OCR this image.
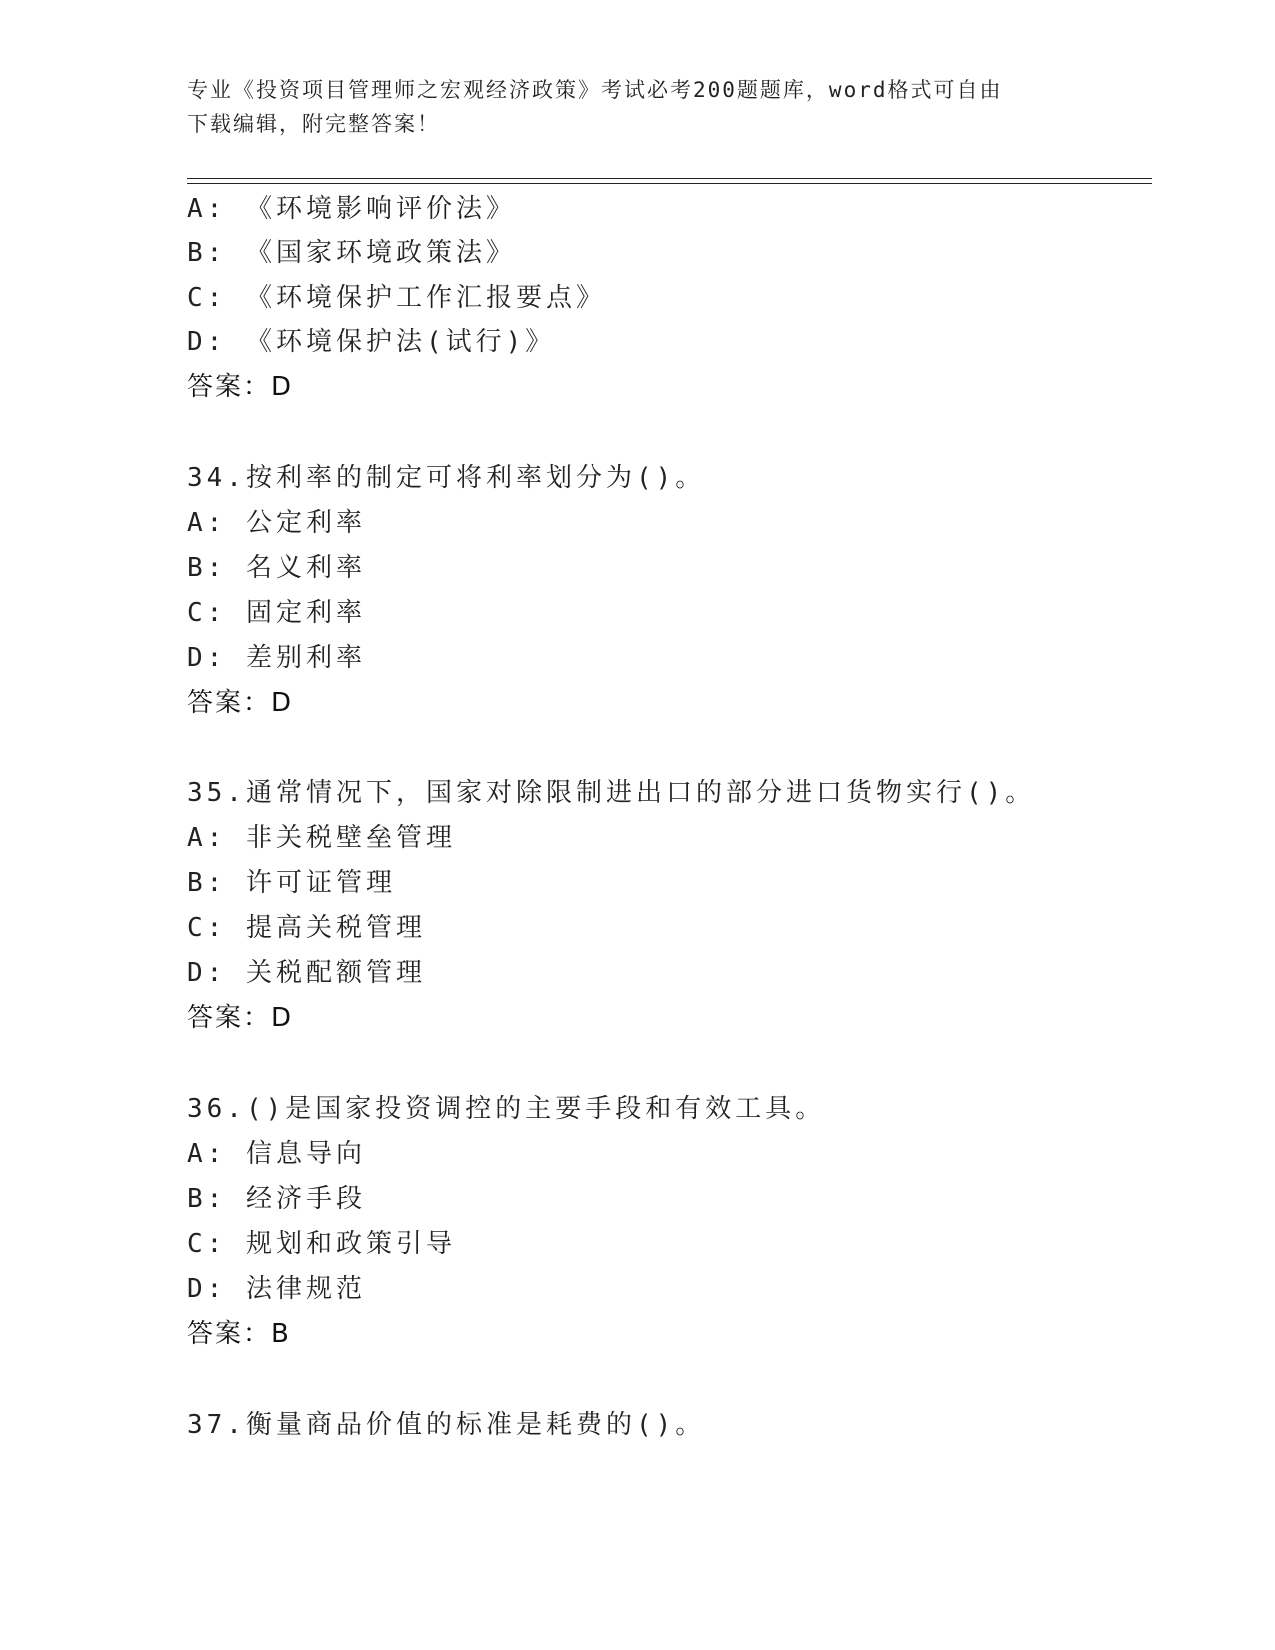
专业《投资项目管理师之宏观经济政策》考试必考200题题库，word格式可自由
下载编辑，附完整答案！
A: 《环境影响评价法》
B: 《国家环境政策法》
C: 《环境保护工作汇报要点》
D: 《环境保护法(试行)》
答案：D
34.按利率的制定可将利率划分为()。
A: 公定利率
B: 名义利率
C: 固定利率
D: 差别利率
答案：D
35.通常情况下，国家对除限制进出口的部分进口货物实行()。
A: 非关税壁垒管理
B: 许可证管理
C: 提高关税管理
D: 关税配额管理
答案：D
36.()是国家投资调控的主要手段和有效工具。
A: 信息导向
B: 经济手段
C: 规划和政策引导
D: 法律规范
答案：B
37.衡量商品价值的标准是耗费的()。
